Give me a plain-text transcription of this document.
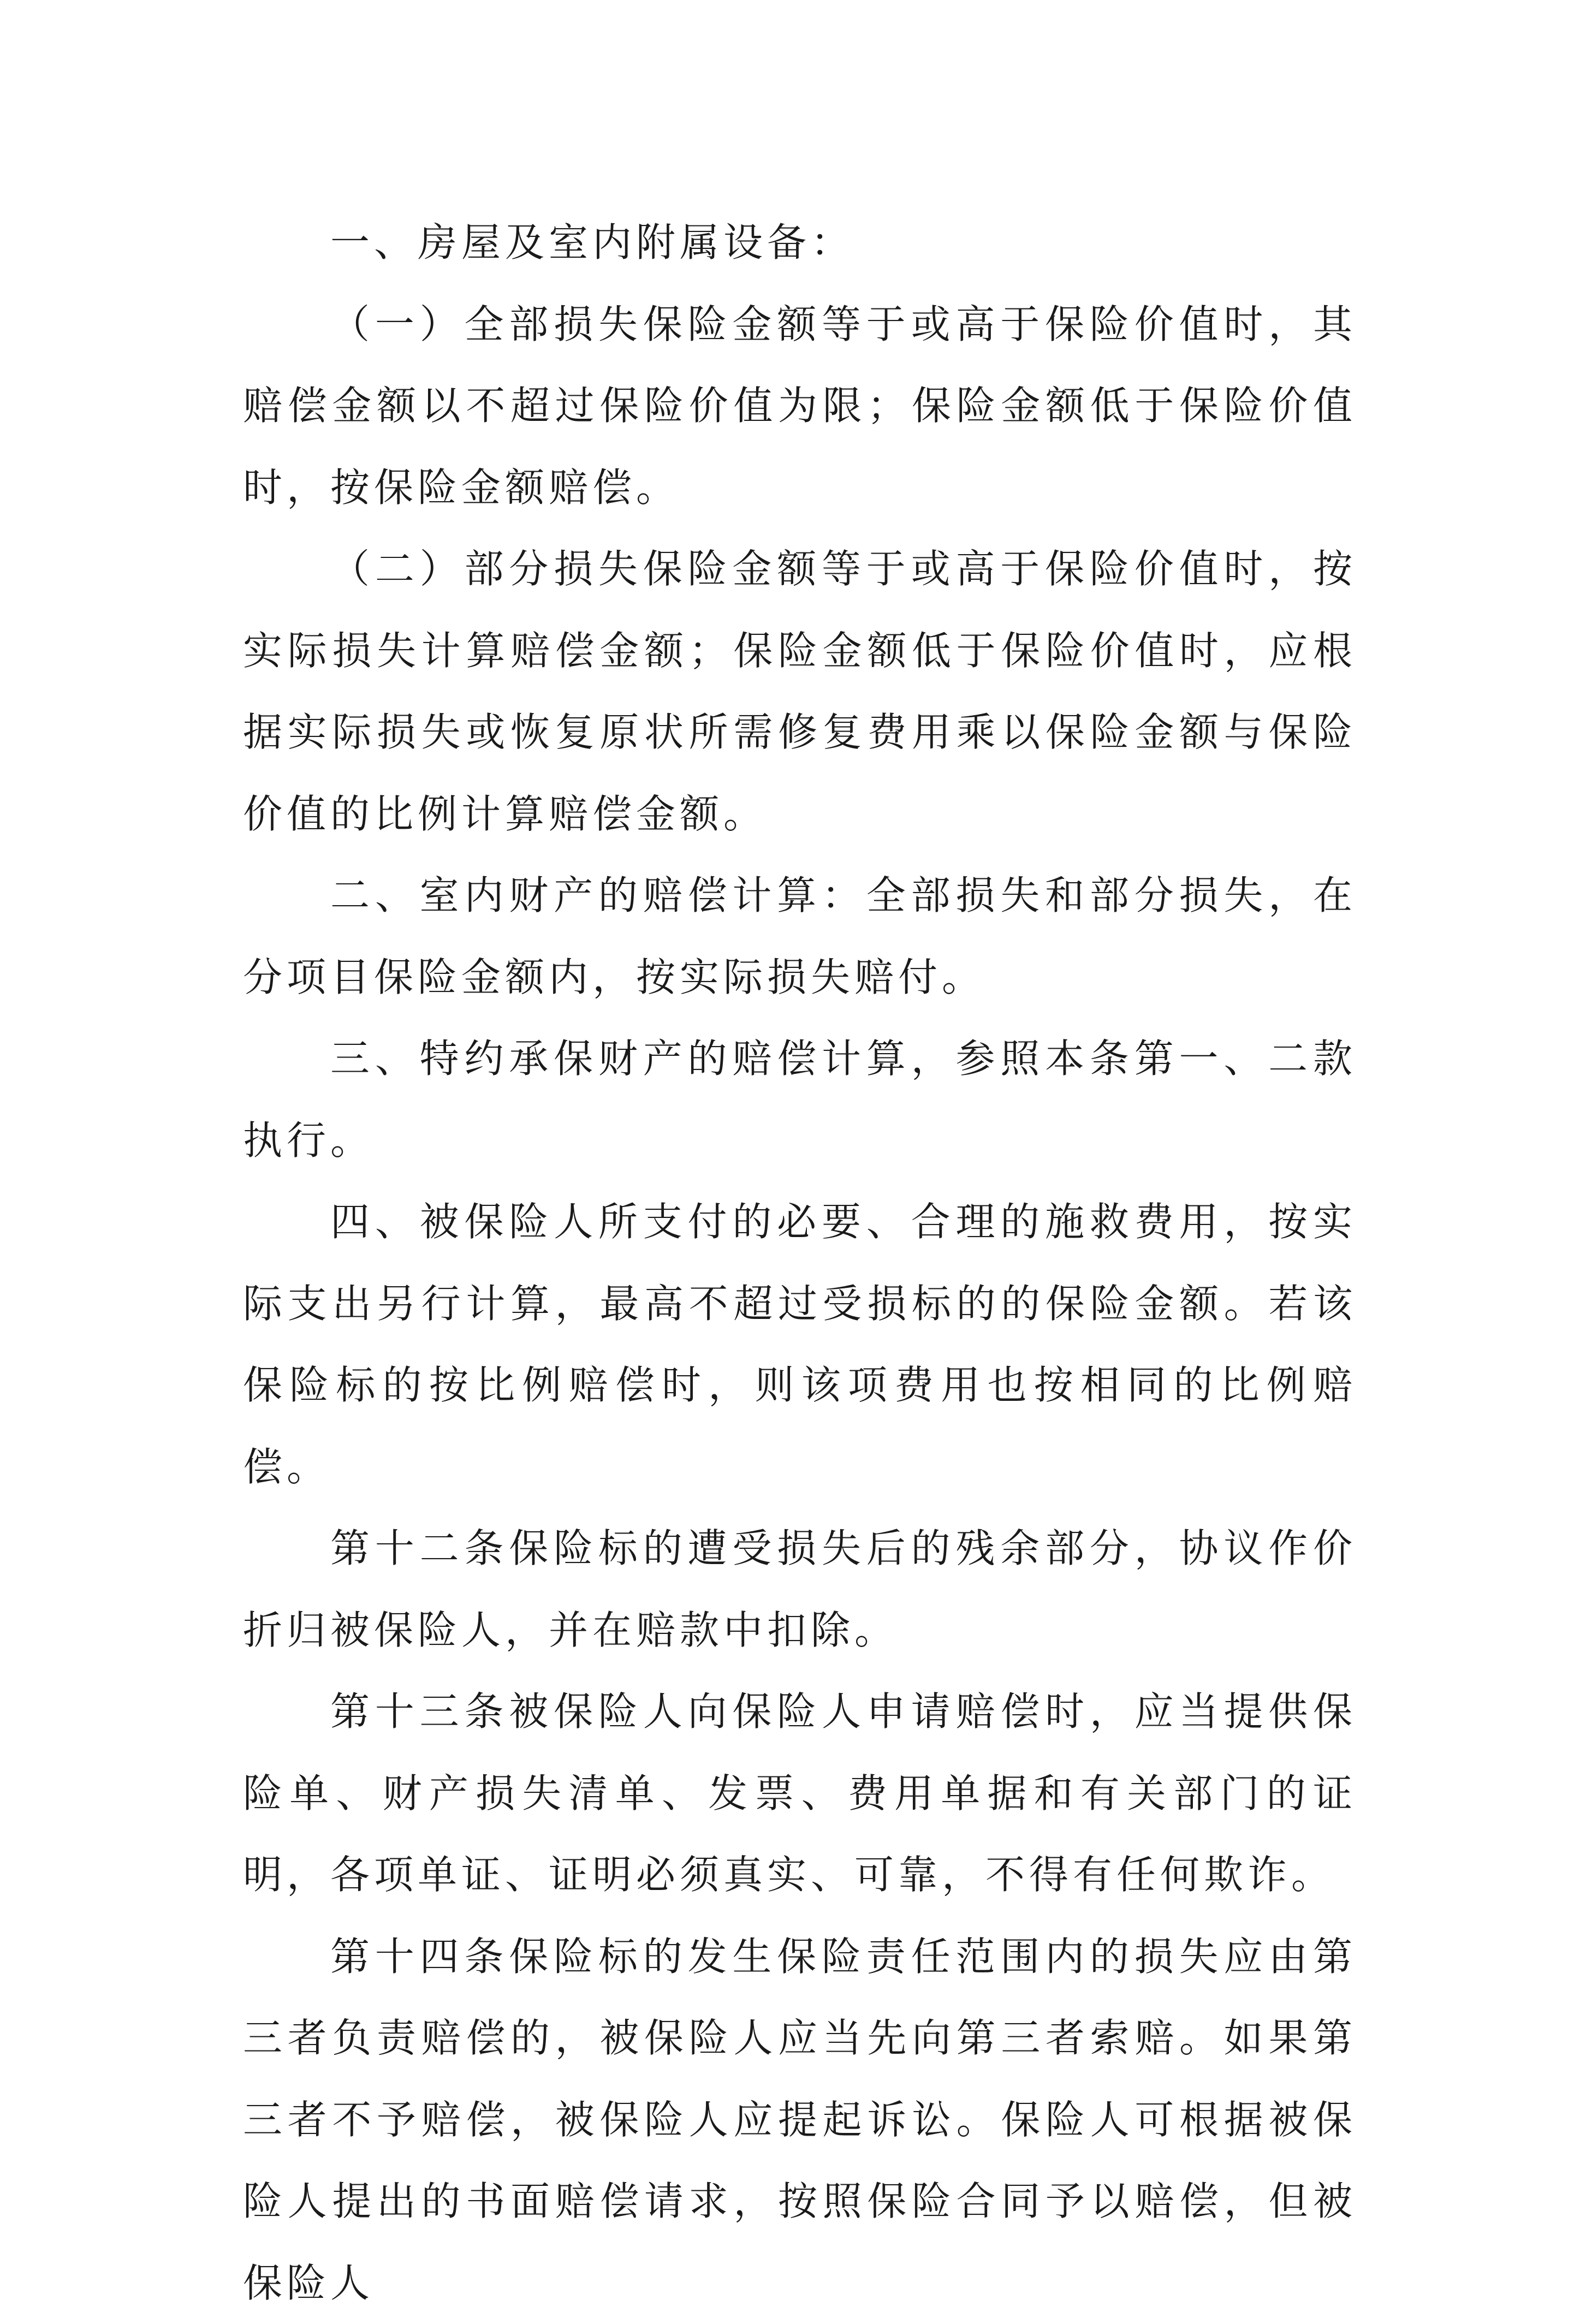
一、房屋及室内附属设备：

（一）全部损失保险金额等于或高于保险价值时，其赔偿金额以不超过保险价值为限；保险金额低于保险价值时，按保险金额赔偿。

（二）部分损失保险金额等于或高于保险价值时，按实际损失计算赔偿金额；保险金额低于保险价值时，应根据实际损失或恢复原状所需修复费用乘以保险金额与保险价值的比例计算赔偿金额。

二、室内财产的赔偿计算：全部损失和部分损失，在分项目保险金额内，按实际损失赔付。

三、特约承保财产的赔偿计算，参照本条第一、二款执行。

四、被保险人所支付的必要、合理的施救费用，按实际支出另行计算，最高不超过受损标的的保险金额。若该保险标的按比例赔偿时，则该项费用也按相同的比例赔偿。

第十二条保险标的遭受损失后的残余部分，协议作价折归被保险人，并在赔款中扣除。

第十三条被保险人向保险人申请赔偿时，应当提供保险单、财产损失清单、发票、费用单据和有关部门的证明，各项单证、证明必须真实、可靠，不得有任何欺诈。

第十四条保险标的发生保险责任范围内的损失应由第三者负责赔偿的，被保险人应当先向第三者索赔。如果第三者不予赔偿，被保险人应提起诉讼。保险人可根据被保险人提出的书面赔偿请求，按照保险合同予以赔偿，但被保险人
